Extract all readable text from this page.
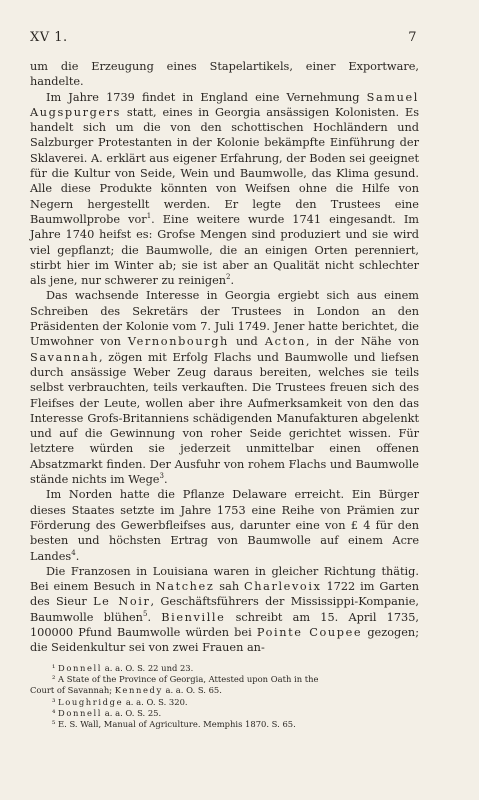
XV 1.	7

um die Erzeugung eines Stapelartikels, einer Exportware, handelte.

Im Jahre 1739 findet in England eine Vernehmung Samuel Augspurgers statt, eines in Georgia ansässigen Kolonisten. Es handelt sich um die von den schottischen Hochländern und Salzburger Protestanten in der Kolonie bekämpfte Einführung der Sklaverei. A. erklärt aus eigener Erfahrung, der Boden sei geeignet für die Kultur von Seide, Wein und Baumwolle, das Klima gesund. Alle diese Produkte könnten von Weifsen ohne die Hilfe von Negern hergestellt werden. Er legte den Trustees eine Baumwollprobe vor$^1$. Eine weitere wurde 1741 eingesandt. Im Jahre 1740 heifst es: Grofse Mengen sind produziert und sie wird viel gepflanzt; die Baumwolle, die an einigen Orten perenniert, stirbt hier im Winter ab; sie ist aber an Qualität nicht schlechter als jene, nur schwerer zu reinigen$^2$.

Das wachsende Interesse in Georgia ergiebt sich aus einem Schreiben des Sekretärs der Trustees in London an den Präsidenten der Kolonie vom 7. Juli 1749. Jener hatte berichtet, die Umwohner von Vernonbourgh und Acton, in der Nähe von Savannah, zögen mit Erfolg Flachs und Baumwolle und liefsen durch ansässige Weber Zeug daraus bereiten, welches sie teils selbst verbrauchten, teils verkauften. Die Trustees freuen sich des Fleifses der Leute, wollen aber ihre Aufmerksamkeit von den das Interesse Grofs-Britanniens schädigenden Manufakturen abgelenkt und auf die Gewinnung von roher Seide gerichtet wissen. Für letztere würden sie jederzeit unmittelbar einen offenen Absatzmarkt finden. Der Ausfuhr von rohem Flachs und Baumwolle stände nichts im Wege$^3$.

Im Norden hatte die Pflanze Delaware erreicht. Ein Bürger dieses Staates setzte im Jahre 1753 eine Reihe von Prämien zur Förderung des Gewerbfleifses aus, darunter eine von £ 4 für den besten und höchsten Ertrag von Baumwolle auf einem Acre Landes$^4$.

Die Franzosen in Louisiana waren in gleicher Richtung thätig. Bei einem Besuch in Natchez sah Charlevoix 1722 im Garten des Sieur Le Noir, Geschäftsführers der Mississippi-Kompanie, Baumwolle blühen$^5$. Bienville schreibt am 15. April 1735, 100000 Pfund Baumwolle würden bei Pointe Coupee gezogen; die Seidenkultur sei von zwei Frauen an-

¹ Donnell a. a. O. S. 22 und 23.
² A State of the Province of Georgia, Attested upon Oath in the
Court of Savannah; Kennedy a. a. O. S. 65.
³ Loughridge a. a. O. S. 320.
⁴ Donnell a. a. O. S. 25.
⁵ E. S. Wall, Manual of Agriculture. Memphis 1870. S. 65.
